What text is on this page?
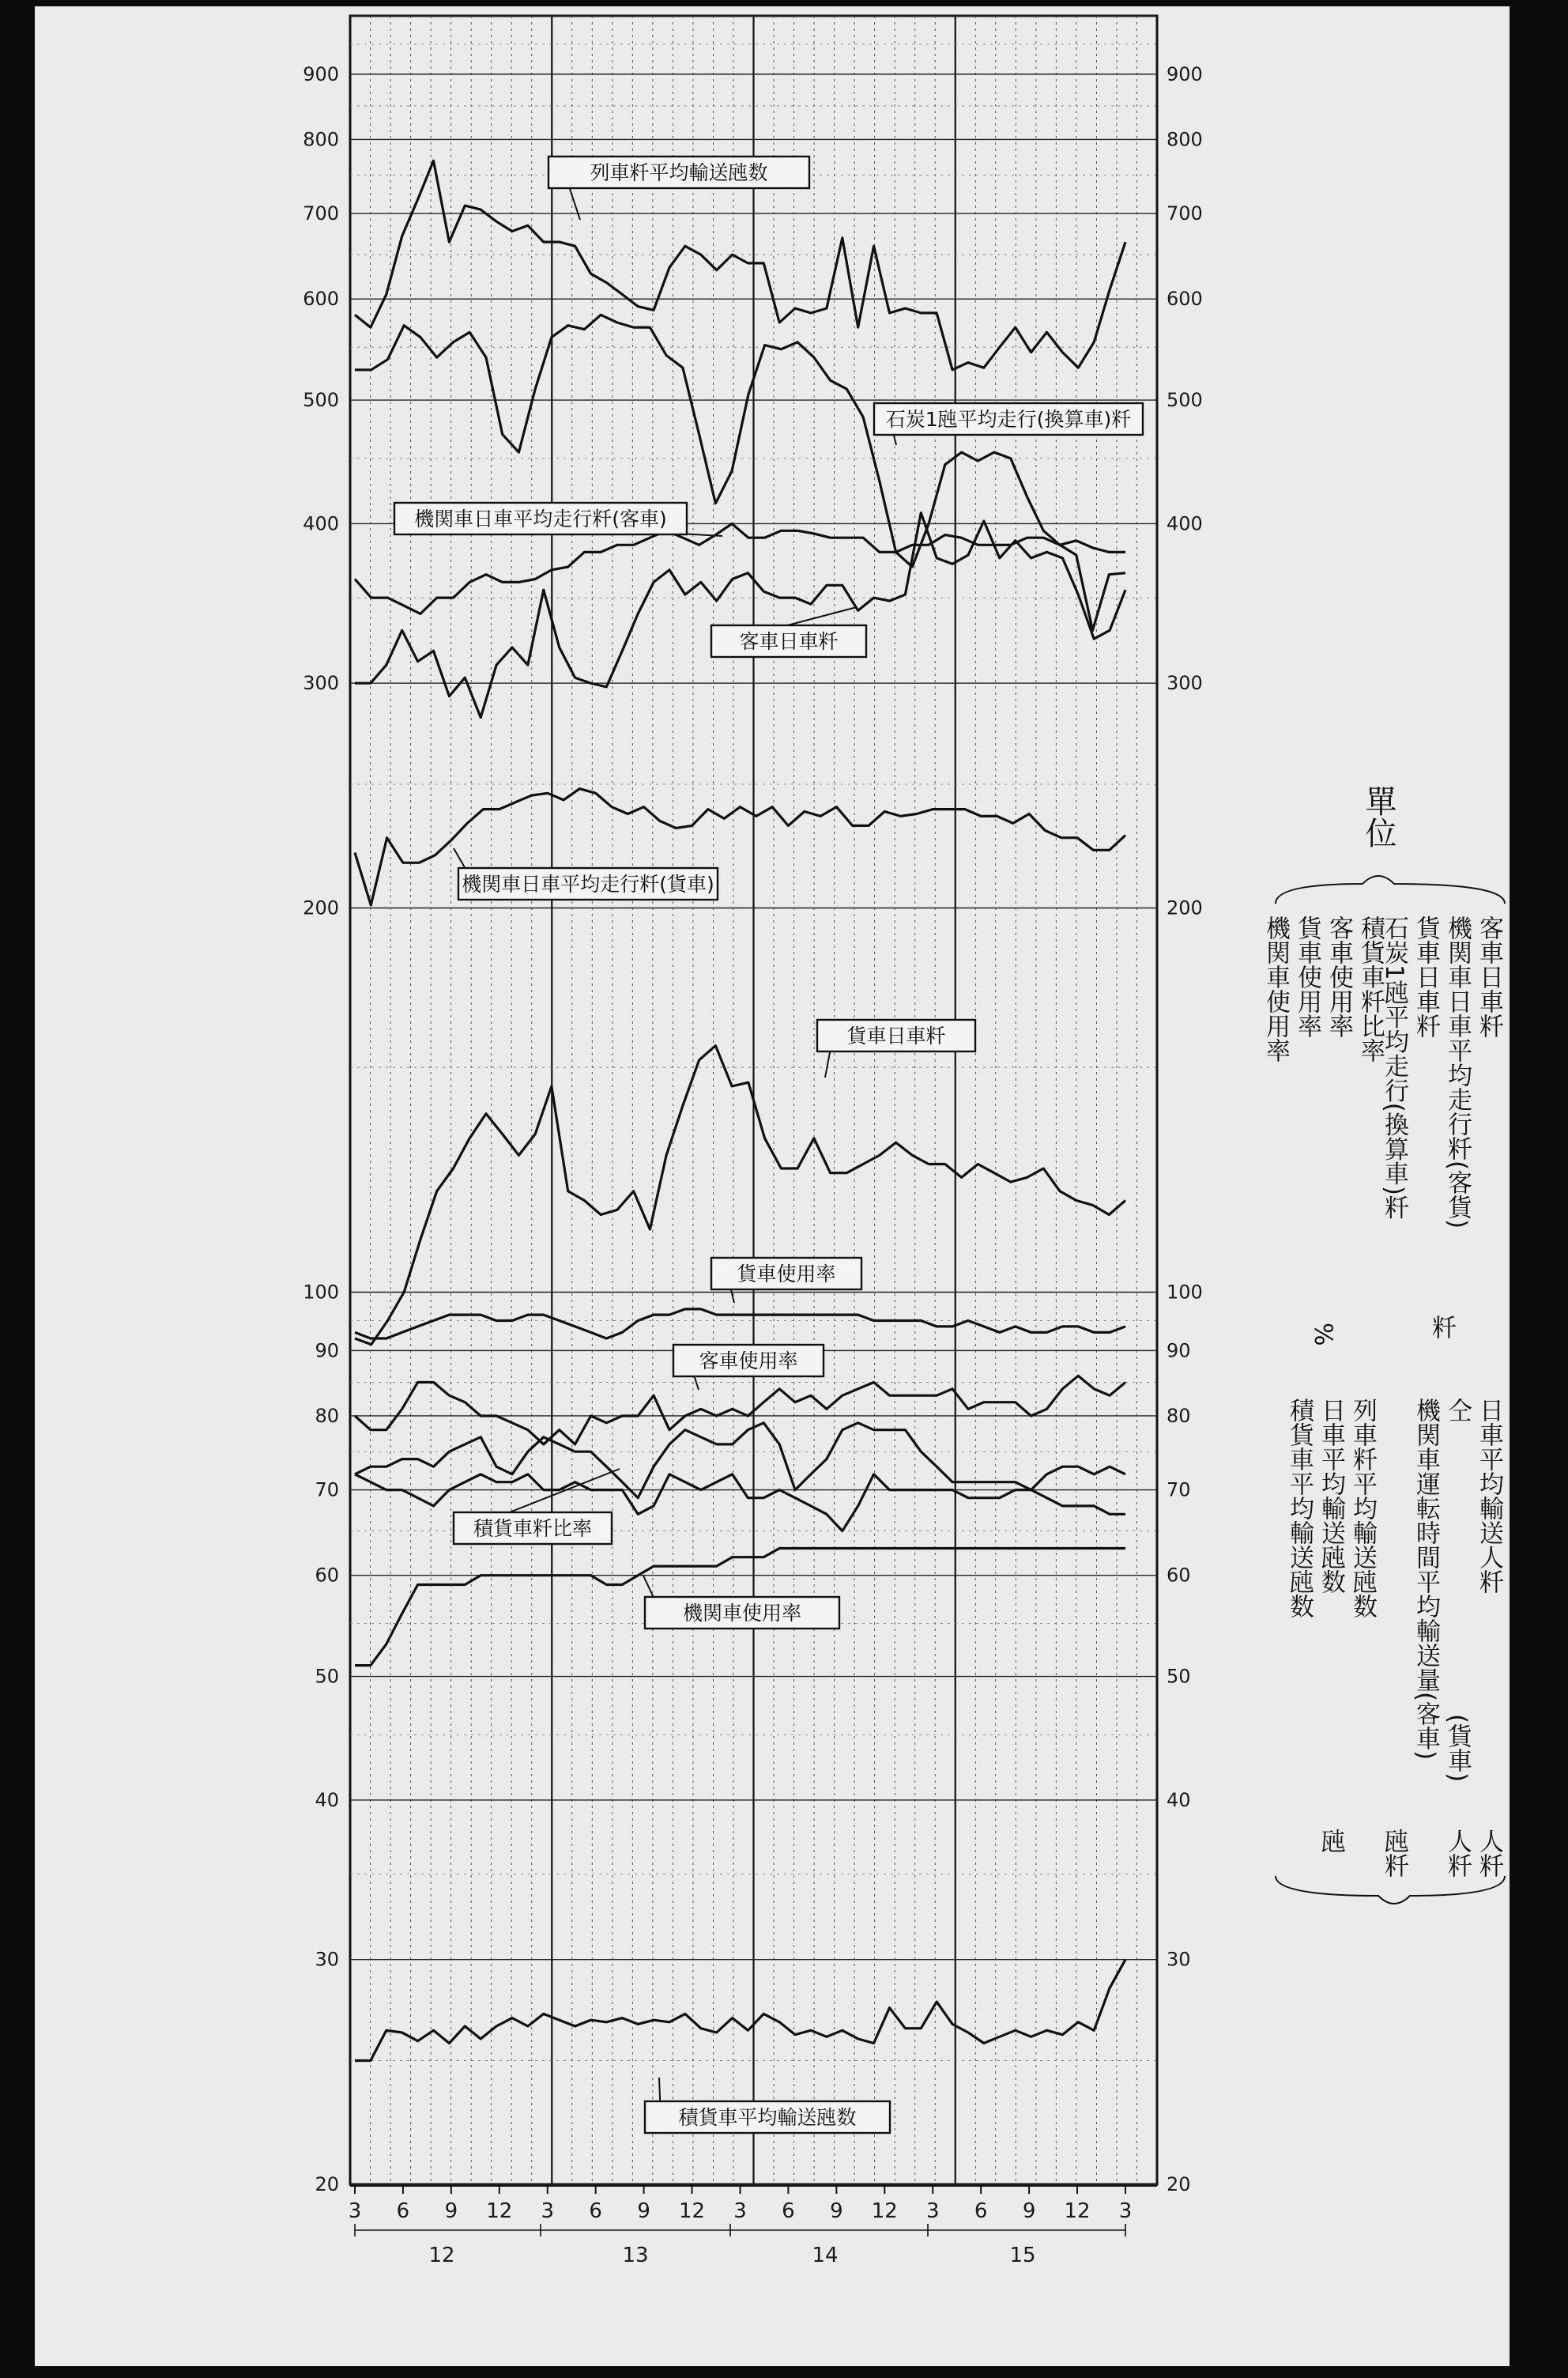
900	900
800	800
700	700
600	600
500	500
400	400
300	300
200	200
100	100
90	90
80	80
70	70
60	60
50	50
40	40
30	30
20	20
3 6 9 12 3 6 9 12 3 6 9 12 3 6 9 12 3
12	13	14	15
列車粁平均輸送瓲数
石炭1瓲平均走行(換算車)粁
機関車日車平均走行粁(客車)
客車日車粁
機関車日車平均走行粁(貨車)
貨車日車粁
貨車使用率
客車使用率
積貨車粁比率
機関車使用率
積貨車平均輸送瓲数
單位
客車日車粁
機関車日車平均走行粁(客貨)
貨車日車粁
石炭1瓲平均走行(換算車)粁
粁
積貨車粁比率
客車使用率
貨車使用率
機関車使用率
%
日車平均輸送人粁
仝
機関車運転時間平均輸送量(客車) (貨車)
列車粁平均輸送瓲数
日車平均輸送瓲数
積貨車平均輸送瓲数
人粁
人粁
瓲粁
瓲
